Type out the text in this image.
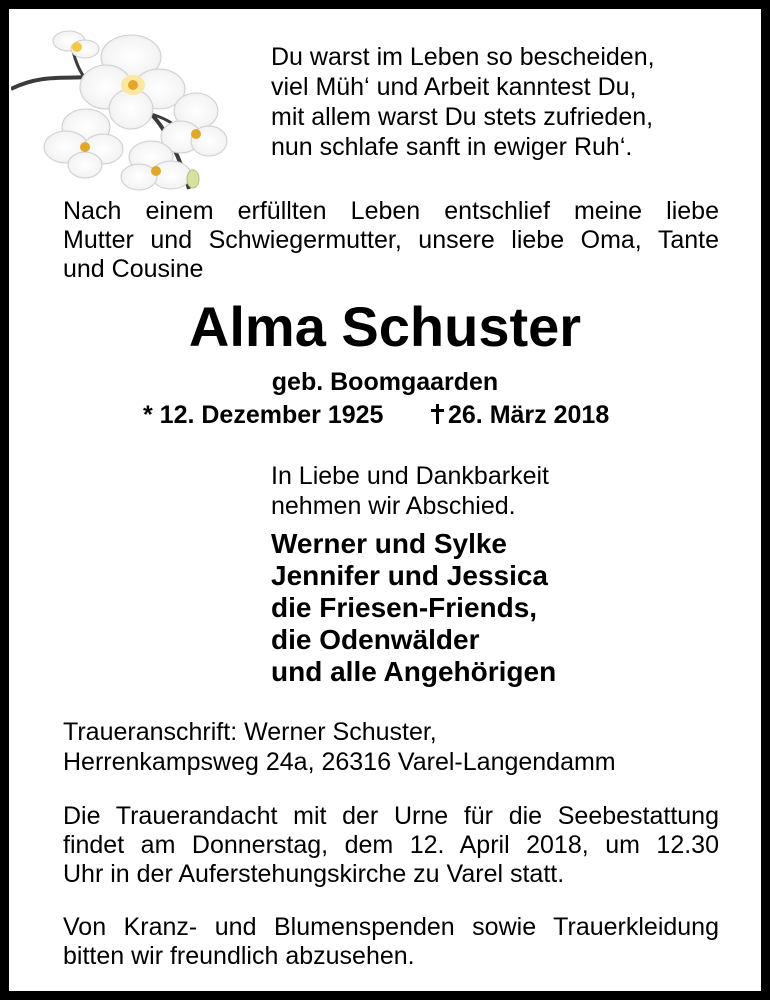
Du warst im Leben so bescheiden,
viel Müh‘ und Arbeit kanntest Du,
mit allem warst Du stets zufrieden,
nun schlafe sanft in ewiger Ruh‘.
Nach einem erfüllten Leben entschlief meine liebe
Mutter und Schwiegermutter, unsere liebe Oma, Tante
und Cousine
Alma Schuster
geb. Boomgaarden
* 12. Dezember 1925	26. März 2018
In Liebe und Dankbarkeit
nehmen wir Abschied.
Werner und Sylke
Jennifer und Jessica
die Friesen-Friends,
die Odenwälder
und alle Angehörigen
Traueranschrift: Werner Schuster,
Herrenkampsweg 24a, 26316 Varel-Langendamm
Die Trauerandacht mit der Urne für die Seebestattung
findet am Donnerstag, dem 12. April 2018, um 12.30
Uhr in der Auferstehungskirche zu Varel statt.
Von Kranz- und Blumenspenden sowie Trauerkleidung
bitten wir freundlich abzusehen.
